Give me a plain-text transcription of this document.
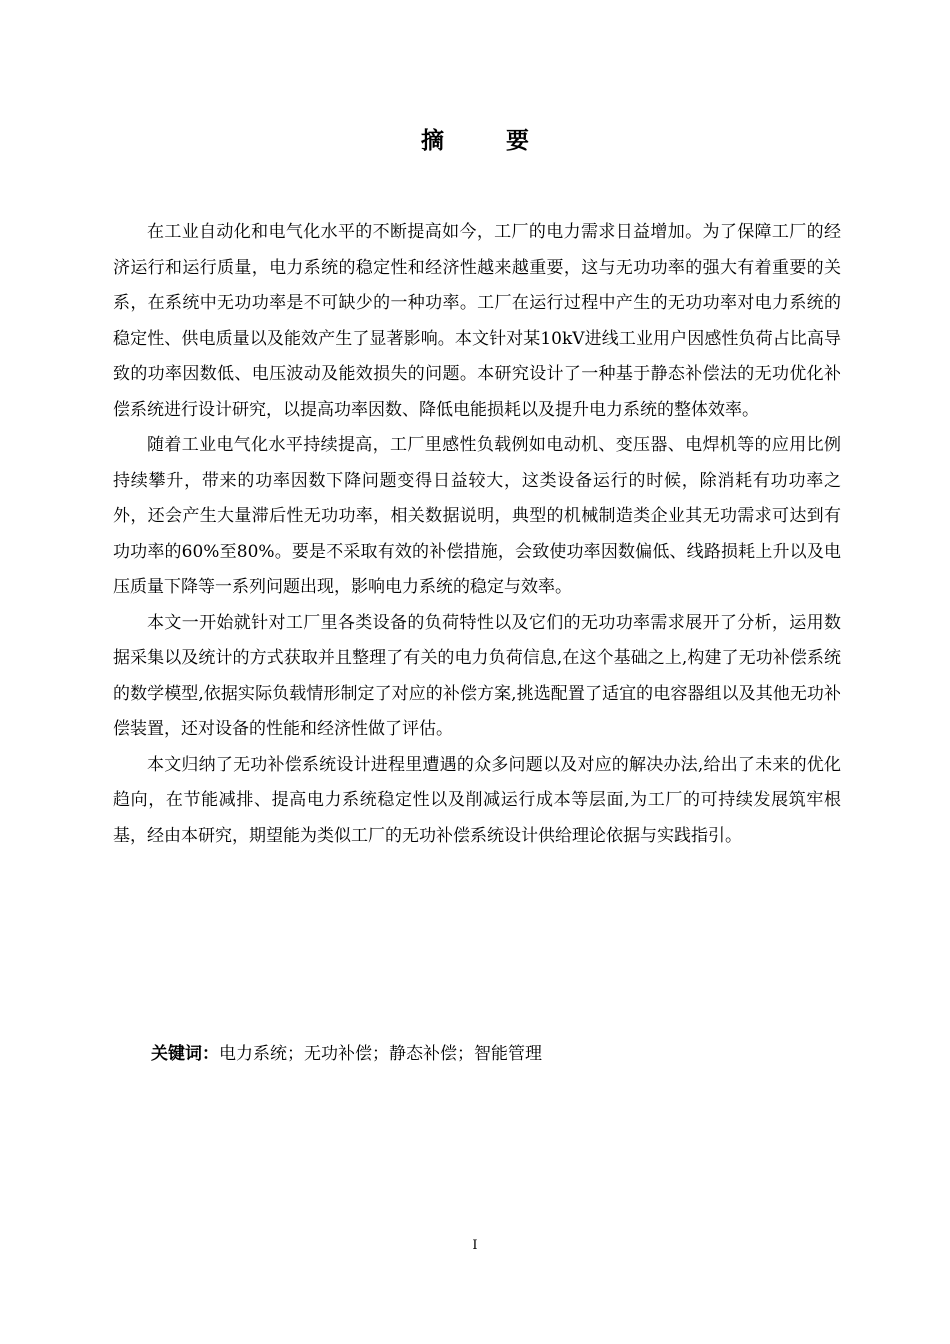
摘 要

在工业自动化和电气化水平的不断提高如今，工厂的电力需求日益增加。为了保障工厂的经济运行和运行质量，电力系统的稳定性和经济性越来越重要，这与无功功率的强大有着重要的关系，在系统中无功功率是不可缺少的一种功率。工厂在运行过程中产生的无功功率对电力系统的稳定性、供电质量以及能效产生了显著影响。本文针对某10kV进线工业用户因感性负荷占比高导致的功率因数低、电压波动及能效损失的问题。本研究设计了一种基于静态补偿法的无功优化补偿系统进行设计研究，以提高功率因数、降低电能损耗以及提升电力系统的整体效率。

随着工业电气化水平持续提高，工厂里感性负载例如电动机、变压器、电焊机等的应用比例持续攀升，带来的功率因数下降问题变得日益较大，这类设备运行的时候，除消耗有功功率之外，还会产生大量滞后性无功功率，相关数据说明，典型的机械制造类企业其无功需求可达到有功功率的60%至80%。要是不采取有效的补偿措施，会致使功率因数偏低、线路损耗上升以及电压质量下降等一系列问题出现，影响电力系统的稳定与效率。

本文一开始就针对工厂里各类设备的负荷特性以及它们的无功功率需求展开了分析，运用数据采集以及统计的方式获取并且整理了有关的电力负荷信息,在这个基础之上,构建了无功补偿系统的数学模型,依据实际负载情形制定了对应的补偿方案,挑选配置了适宜的电容器组以及其他无功补偿装置，还对设备的性能和经济性做了评估。

本文归纳了无功补偿系统设计进程里遭遇的众多问题以及对应的解决办法,给出了未来的优化趋向，在节能减排、提高电力系统稳定性以及削减运行成本等层面,为工厂的可持续发展筑牢根基，经由本研究，期望能为类似工厂的无功补偿系统设计供给理论依据与实践指引。

关键词：电力系统；无功补偿；静态补偿；智能管理
I
